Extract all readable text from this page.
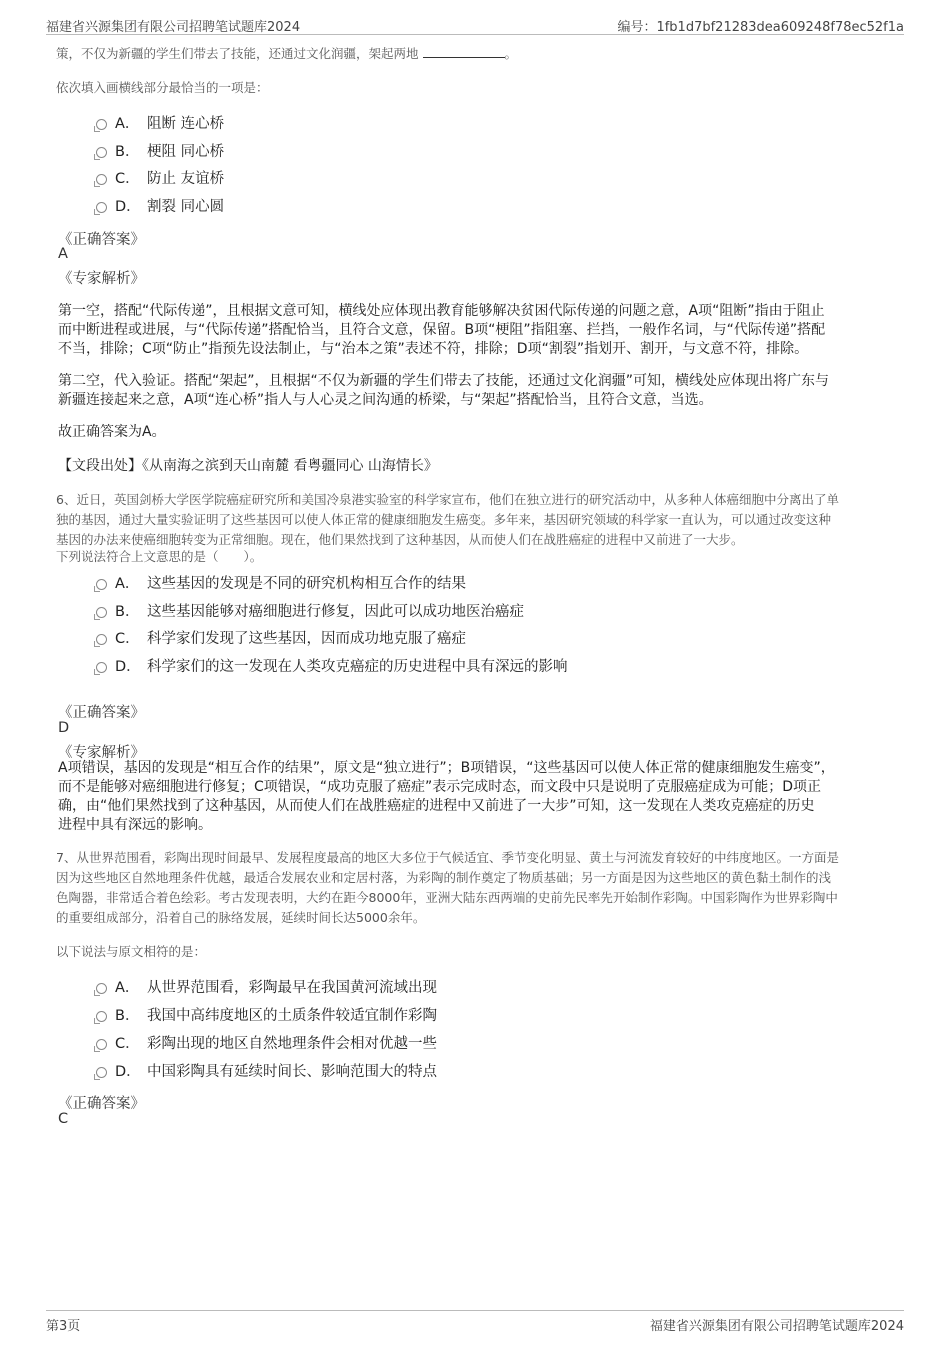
福建省兴源集团有限公司招聘笔试题库2024	编号：1fb1d7bf21283dea609248f78ec52f1a
策，不仅为新疆的学生们带去了技能，还通过文化润疆，架起两地	。
依次填入画横线部分最恰当的一项是：
A． 阻断 连心桥
B． 梗阻 同心桥
C． 防止 友谊桥
D． 割裂 同心圆
《正确答案》
A
《专家解析》
第一空，搭配“代际传递”，且根据文意可知，横线处应体现出教育能够解决贫困代际传递的问题之意，A项“阻断”指由于阻止
而中断进程或进展，与“代际传递”搭配恰当，且符合文意，保留。B项“梗阻”指阻塞、拦挡，一般作名词，与“代际传递”搭配
不当，排除；C项“防止”指预先设法制止，与“治本之策”表述不符，排除；D项“割裂”指划开、割开，与文意不符，排除。
第二空，代入验证。搭配“架起”，且根据“不仅为新疆的学生们带去了技能，还通过文化润疆”可知，横线处应体现出将广东与
新疆连接起来之意，A项“连心桥”指人与人心灵之间沟通的桥梁，与“架起”搭配恰当，且符合文意，当选。
故正确答案为A。
【文段出处】《从南海之滨到天山南麓 看粤疆同心 山海情长》
6、近日，英国剑桥大学医学院癌症研究所和美国冷泉港实验室的科学家宣布，他们在独立进行的研究活动中，从多种人体癌细胞中分离出了单
独的基因，通过大量实验证明了这些基因可以使人体正常的健康细胞发生癌变。多年来，基因研究领域的科学家一直认为，可以通过改变这种
基因的办法来使癌细胞转变为正常细胞。现在，他们果然找到了这种基因，从而使人们在战胜癌症的进程中又前进了一大步。
下列说法符合上文意思的是（　　）。
A． 这些基因的发现是不同的研究机构相互合作的结果
B． 这些基因能够对癌细胞进行修复，因此可以成功地医治癌症
C． 科学家们发现了这些基因，因而成功地克服了癌症
D． 科学家们的这一发现在人类攻克癌症的历史进程中具有深远的影响
《正确答案》
D
《专家解析》
A项错误，基因的发现是“相互合作的结果”，原文是“独立进行”；B项错误，“这些基因可以使人体正常的健康细胞发生癌变”，
而不是能够对癌细胞进行修复；C项错误，“成功克服了癌症”表示完成时态，而文段中只是说明了克服癌症成为可能；D项正
确，由“他们果然找到了这种基因，从而使人们在战胜癌症的进程中又前进了一大步”可知，这一发现在人类攻克癌症的历史
进程中具有深远的影响。
7、从世界范围看，彩陶出现时间最早、发展程度最高的地区大多位于气候适宜、季节变化明显、黄土与河流发育较好的中纬度地区。一方面是
因为这些地区自然地理条件优越，最适合发展农业和定居村落，为彩陶的制作奠定了物质基础；另一方面是因为这些地区的黄色黏土制作的浅
色陶器，非常适合着色绘彩。考古发现表明，大约在距今8000年，亚洲大陆东西两端的史前先民率先开始制作彩陶。中国彩陶作为世界彩陶中
的重要组成部分，沿着自己的脉络发展，延续时间长达5000余年。
以下说法与原文相符的是：
A． 从世界范围看，彩陶最早在我国黄河流域出现
B． 我国中高纬度地区的土质条件较适宜制作彩陶
C． 彩陶出现的地区自然地理条件会相对优越一些
D． 中国彩陶具有延续时间长、影响范围大的特点
《正确答案》
C
第3页	福建省兴源集团有限公司招聘笔试题库2024
